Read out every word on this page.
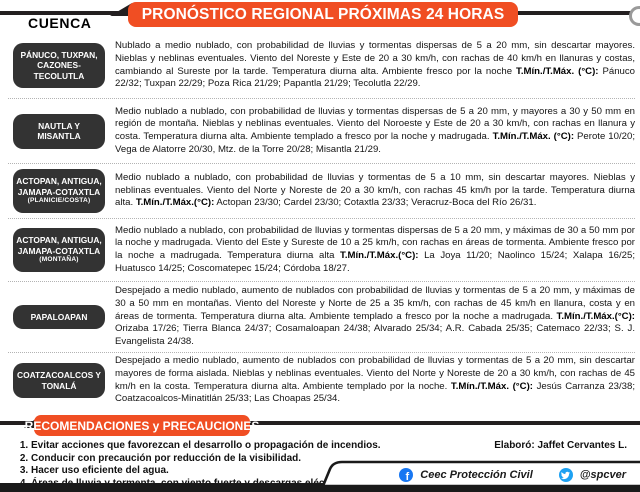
PRONÓSTICO REGIONAL PRÓXIMAS 24 HORAS
CUENCA
PÁNUCO, TUXPAN, CAZONES-TECOLUTLA

Nublado a medio nublado, con probabilidad de lluvias y tormentas dispersas de 5 a 20 mm, sin descartar mayores. Nieblas y neblinas eventuales. Viento del Noreste y Este de 20 a 30 km/h, con rachas de 40 km/h en llanuras y costas, cambiando al Sureste por la tarde. Temperatura diurna alta. Ambiente fresco por la noche T.Mín./T.Máx. (°C): Pánuco 22/32; Tuxpan 22/29; Poza Rica 21/29; Papantla 21/29; Tecolutla 22/29.

NAUTLA Y MISANTLA

Medio nublado a nublado, con probabilidad de lluvias y tormentas dispersas de 5 a 20 mm, y mayores a 30 y 50 mm en región de montaña. Nieblas y neblinas eventuales. Viento del Noroeste y Este de 20 a 30 km/h, con rachas en llanura y costa. Temperatura diurna alta. Ambiente templado a fresco por la noche y madrugada. T.Mín./T.Máx. (°C): Perote 10/20; Vega de Alatorre 20/30, Mtz. de la Torre 20/28; Misantla 21/29.

ACTOPAN, ANTIGUA, JAMAPA-COTAXTLA
(PLANICIE/COSTA)

Medio nublado a nublado, con probabilidad de lluvias y tormentas de 5 a 10 mm, sin descartar mayores. Nieblas y neblinas eventuales. Viento del Norte y Noreste de 20 a 30 km/h, con rachas 45 km/h por la tarde. Temperatura diurna alta. T.Mín./T.Máx.(°C): Actopan 23/30; Cardel 23/30; Cotaxtla 23/33; Veracruz-Boca del Río 26/31.

ACTOPAN, ANTIGUA, JAMAPA-COTAXTLA
(MONTAÑA)

Medio nublado a nublado, con probabilidad de lluvias y tormentas dispersas de 5 a 20 mm, y máximas de 30 a 50 mm por la noche y madrugada. Viento del Este y Sureste de 10 a 25 km/h, con rachas en áreas de tormenta. Ambiente fresco por la noche a madrugada. Temperatura diurna alta T.Mín./T.Máx.(°C): La Joya 11/20; Naolinco 15/24; Xalapa 16/25; Huatusco 14/25; Coscomatepec 15/24; Córdoba 18/27.

PAPALOAPAN

Despejado a medio nublado, aumento de nublados con probabilidad de lluvias y tormentas de 5 a 20 mm, y máximas de 30 a 50 mm en montañas. Viento del Noreste y Norte de 25 a 35 km/h, con rachas de 45 km/h en llanura, costa y en áreas de tormenta. Temperatura diurna alta. Ambiente templado a fresco por la noche a madrugada. T.Mín./T.Máx.(°C): Orizaba 17/26; Tierra Blanca 24/37; Cosamaloapan 24/38; Alvarado 25/34; A.R. Cabada 25/35; Catemaco 22/33; S. J. Evangelista 24/38.

COATZACOALCOS Y TONALÁ

Despejado a medio nublado, aumento de nublados con probabilidad de lluvias y tormentas de 5 a 20 mm, sin descartar mayores de forma aislada. Nieblas y neblinas eventuales. Viento del Norte y Noreste de 20 a 30 km/h, con rachas de 45 km/h en la costa. Temperatura diurna alta. Ambiente templado por la noche. T.Mín./T.Máx. (°C): Jesús Carranza 23/38; Coatzacoalcos-Minatitlán 25/33; Las Choapas 25/34.

RECOMENDACIONES y PRECAUCIONES
1. Evitar acciones que favorezcan el desarrollo o propagación de incendios.
2. Conducir con precaución por reducción de la visibilidad.
3. Hacer uso eficiente del agua.
4.
Elaboró: Jaffet Cervantes L.
f Ceec Protección Civil	@spcver
